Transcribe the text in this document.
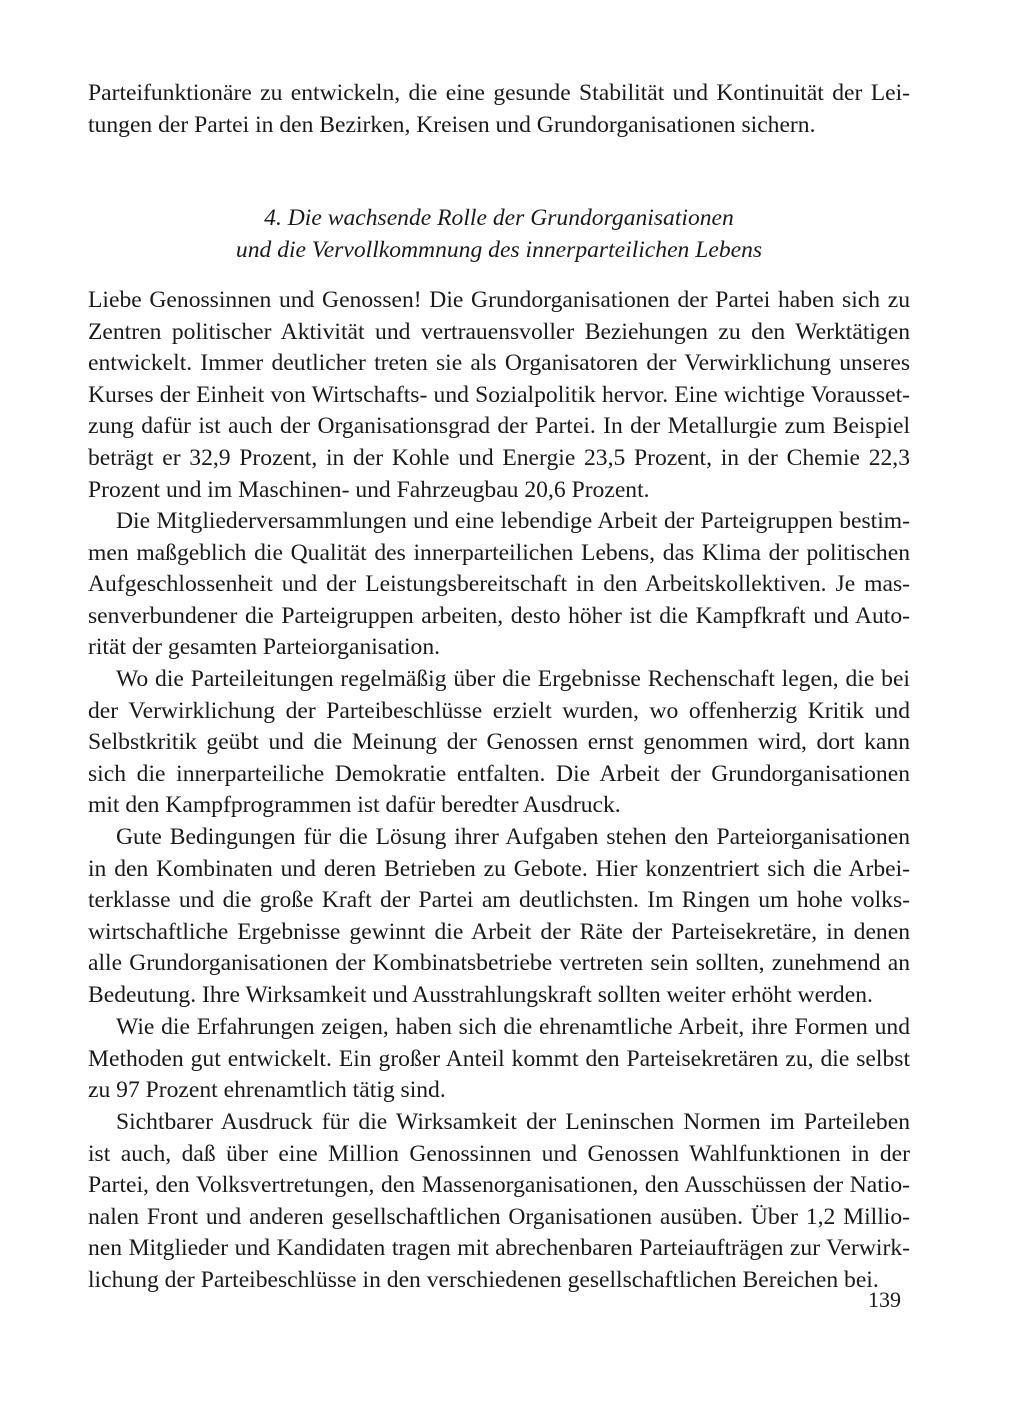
Parteifunktionäre zu entwickeln, die eine gesunde Stabilität und Kontinuität der Lei-
tungen der Partei in den Bezirken, Kreisen und Grundorganisationen sichern.
4. Die wachsende Rolle der Grundorganisationen
und die Vervollkommnung des innerparteilichen Lebens
Liebe Genossinnen und Genossen! Die Grundorganisationen der Partei haben sich zu
Zentren politischer Aktivität und vertrauensvoller Beziehungen zu den Werktätigen
entwickelt. Immer deutlicher treten sie als Organisatoren der Verwirklichung unseres
Kurses der Einheit von Wirtschafts- und Sozialpolitik hervor. Eine wichtige Vorausset-
zung dafür ist auch der Organisationsgrad der Partei. In der Metallurgie zum Beispiel
beträgt er 32,9 Prozent, in der Kohle und Energie 23,5 Prozent, in der Chemie 22,3
Prozent und im Maschinen- und Fahrzeugbau 20,6 Prozent.
Die Mitgliederversammlungen und eine lebendige Arbeit der Parteigruppen bestim-
men maßgeblich die Qualität des innerparteilichen Lebens, das Klima der politischen
Aufgeschlossenheit und der Leistungsbereitschaft in den Arbeitskollektiven. Je mas-
senverbundener die Parteigruppen arbeiten, desto höher ist die Kampfkraft und Auto-
rität der gesamten Parteiorganisation.
Wo die Parteileitungen regelmäßig über die Ergebnisse Rechenschaft legen, die bei
der Verwirklichung der Parteibeschlüsse erzielt wurden, wo offenherzig Kritik und
Selbstkritik geübt und die Meinung der Genossen ernst genommen wird, dort kann
sich die innerparteiliche Demokratie entfalten. Die Arbeit der Grundorganisationen
mit den Kampfprogrammen ist dafür beredter Ausdruck.
Gute Bedingungen für die Lösung ihrer Aufgaben stehen den Parteiorganisationen
in den Kombinaten und deren Betrieben zu Gebote. Hier konzentriert sich die Arbei-
terklasse und die große Kraft der Partei am deutlichsten. Im Ringen um hohe volks-
wirtschaftliche Ergebnisse gewinnt die Arbeit der Räte der Parteisekretäre, in denen
alle Grundorganisationen der Kombinatsbetriebe vertreten sein sollten, zunehmend an
Bedeutung. Ihre Wirksamkeit und Ausstrahlungskraft sollten weiter erhöht werden.
Wie die Erfahrungen zeigen, haben sich die ehrenamtliche Arbeit, ihre Formen und
Methoden gut entwickelt. Ein großer Anteil kommt den Parteisekretären zu, die selbst
zu 97 Prozent ehrenamtlich tätig sind.
Sichtbarer Ausdruck für die Wirksamkeit der Leninschen Normen im Parteileben
ist auch, daß über eine Million Genossinnen und Genossen Wahlfunktionen in der
Partei, den Volksvertretungen, den Massenorganisationen, den Ausschüssen der Natio-
nalen Front und anderen gesellschaftlichen Organisationen ausüben. Über 1,2 Millio-
nen Mitglieder und Kandidaten tragen mit abrechenbaren Parteiaufträgen zur Verwirk-
lichung der Parteibeschlüsse in den verschiedenen gesellschaftlichen Bereichen bei.
139
